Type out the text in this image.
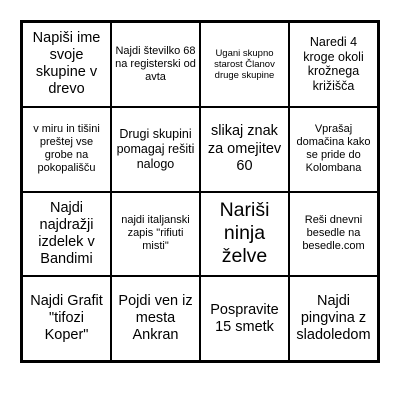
Napiši ime svoje skupine v drevo
Najdi številko 68 na registerski od avta
Ugani skupno starost Članov druge skupine
Naredi 4 kroge okoli krožnega križišča
v miru in tišini preštej vse grobe na pokopališču
Drugi skupini pomagaj rešiti nalogo
slikaj znak za omejitev 60
Vprašaj domačina kako se pride do Kolombana
Najdi najdražji izdelek v Bandimi
najdi italjanski zapis "rifiuti misti"
Nariši ninja želve
Reši dnevni besedle na besedle.com
Najdi Grafit "tifozi Koper"
Pojdi ven iz mesta Ankran
Pospravite 15 smetk
Najdi pingvina z sladoledom
